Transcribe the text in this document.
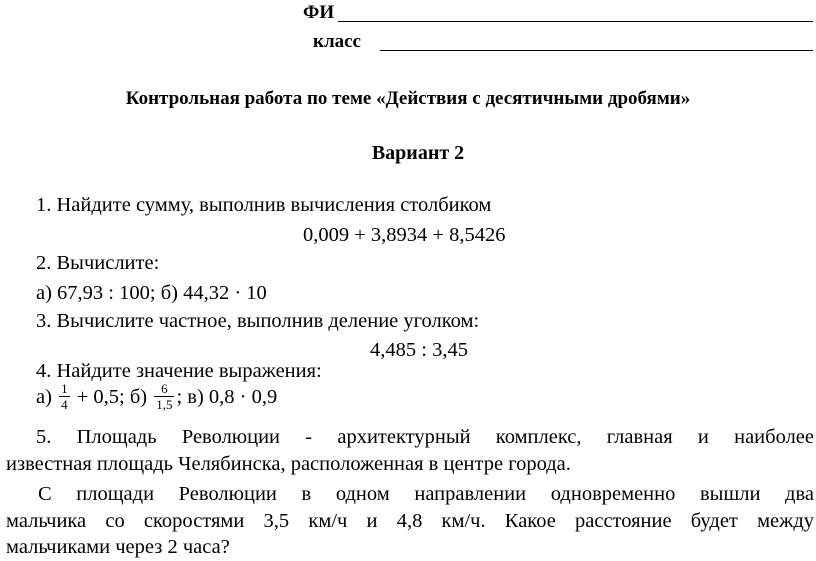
ФИ
класс
Контрольная работа по теме «Действия с десятичными дробями»
Вариант 2
1. Найдите сумму, выполнив вычисления столбиком
0,009 + 3,8934 + 8,5426
2. Вычислите:
а) 67,93 : 100; б) 44,32 · 10
3. Вычислите частное, выполнив деление уголком:
4,485 : 3,45
4. Найдите значение выражения:
$а) \frac{1}{4} + 0,5$; $б) \frac{6}{1,5}$ ; в) 0,8 · 0,9
5. Площадь Революции - архитектурный комплекс, главная и наиболее
известная площадь Челябинска, расположенная в центре города.
С площади Революции в одном направлении одновременно вышли два
мальчика со скоростями 3,5 км/ч и 4,8 км/ч. Какое расстояние будет между
мальчиками через 2 часа?
